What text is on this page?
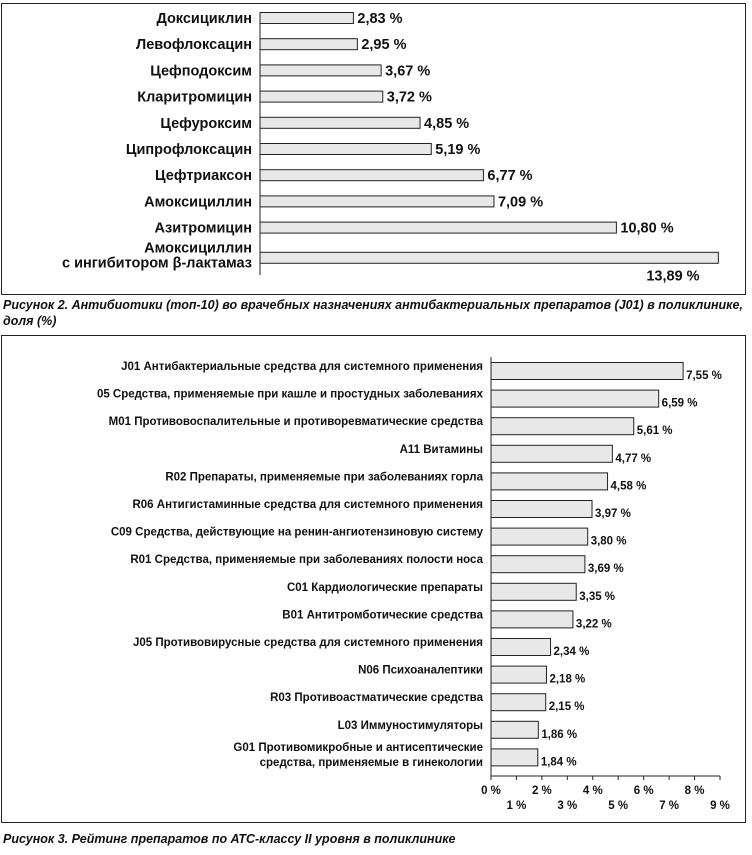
Доксициклин	2,83 %
Левофлоксацин	2,95 %
Цефподоксим	3,67 %
Кларитромицин	3,72 %
Цефуроксим	4,85 %
Ципрофлоксацин	5,19 %
Цефтриаксон	6,77 %
Амоксициллин	7,09 %
Азитромицин	10,80 %
Амоксициллин
с ингибитором β-лактамаз
13,89 %
J01 Антибактериальные средства для системного применения
7,55 %
05 Средства, применяемые при кашле и простудных заболеваниях
6,59 %
M01 Противовоспалительные и противоревматические средства
5,61 %
A11 Витамины
4,77 %
R02 Препараты, применяемые при заболеваниях горла
4,58 %
R06 Антигистаминные средства для системного применения
3,97 %
C09 Средства, действующие на ренин-ангиотензиновую систему
3,80 %
R01 Средства, применяемые при заболеваниях полости носа
3,69 %
C01 Кардиологические препараты
3,35 %
B01 Антитромботические средства
3,22 %
J05 Противовирусные средства для системного применения
2,34 %
N06 Психоаналептики
2,18 %
R03 Противоастматические средства
2,15 %
L03 Иммуностимуляторы
1,86 %
G01 Противомикробные и антисептические
средства, применяемые в гинекологии	1,84 %
0 %	2 %	4 %	6 %	8 %
1 %	3 %	5 %	7 %	9 %
Рисунок 2. Антибиотики (топ-10) во врачебных назначениях антибактериальных препаратов (J01) в поликлинике, доля (%)
Рисунок 3. Рейтинг препаратов по АТС-классу II уровня в поликлинике
